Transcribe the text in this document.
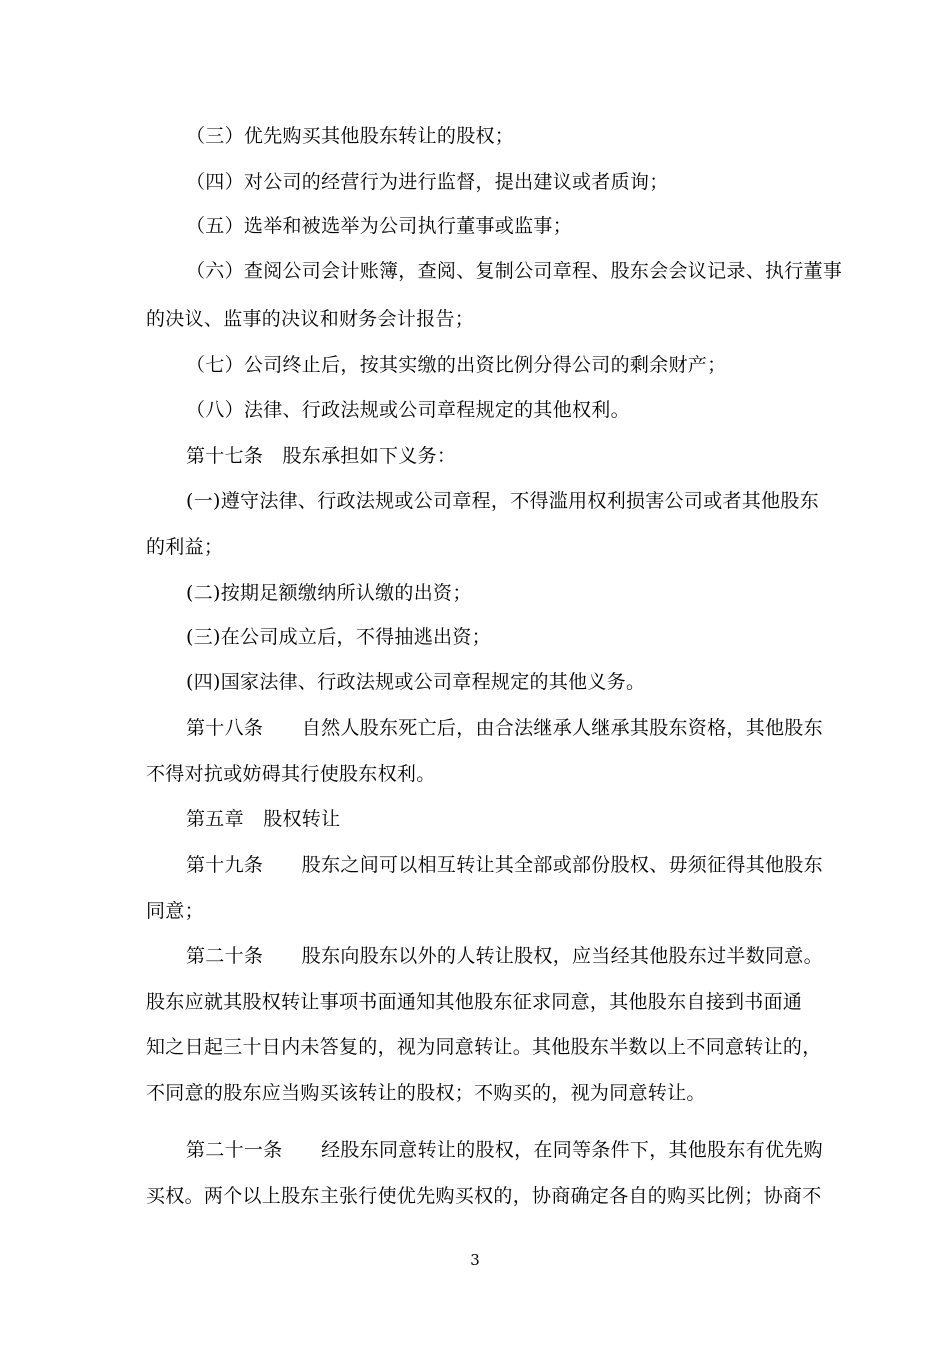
（三）优先购买其他股东转让的股权；
（四）对公司的经营行为进行监督，提出建议或者质询；
（五）选举和被选举为公司执行董事或监事；
（六）查阅公司会计账簿，查阅、复制公司章程、股东会会议记录、执行董事
的决议、监事的决议和财务会计报告；
（七）公司终止后，按其实缴的出资比例分得公司的剩余财产；
（八）法律、行政法规或公司章程规定的其他权利。
第十七条　股东承担如下义务：
(一)遵守法律、行政法规或公司章程，不得滥用权利损害公司或者其他股东
的利益；
(二)按期足额缴纳所认缴的出资；
(三)在公司成立后，不得抽逃出资；
(四)国家法律、行政法规或公司章程规定的其他义务。
第十八条　　自然人股东死亡后，由合法继承人继承其股东资格，其他股东
不得对抗或妨碍其行使股东权利。
第五章　股权转让
第十九条　　股东之间可以相互转让其全部或部份股权、毋须征得其他股东
同意；
第二十条　　股东向股东以外的人转让股权，应当经其他股东过半数同意。
股东应就其股权转让事项书面通知其他股东征求同意，其他股东自接到书面通
知之日起三十日内未答复的，视为同意转让。其他股东半数以上不同意转让的，
不同意的股东应当购买该转让的股权；不购买的，视为同意转让。
第二十一条　　经股东同意转让的股权，在同等条件下，其他股东有优先购
买权。两个以上股东主张行使优先购买权的，协商确定各自的购买比例；协商不
3
